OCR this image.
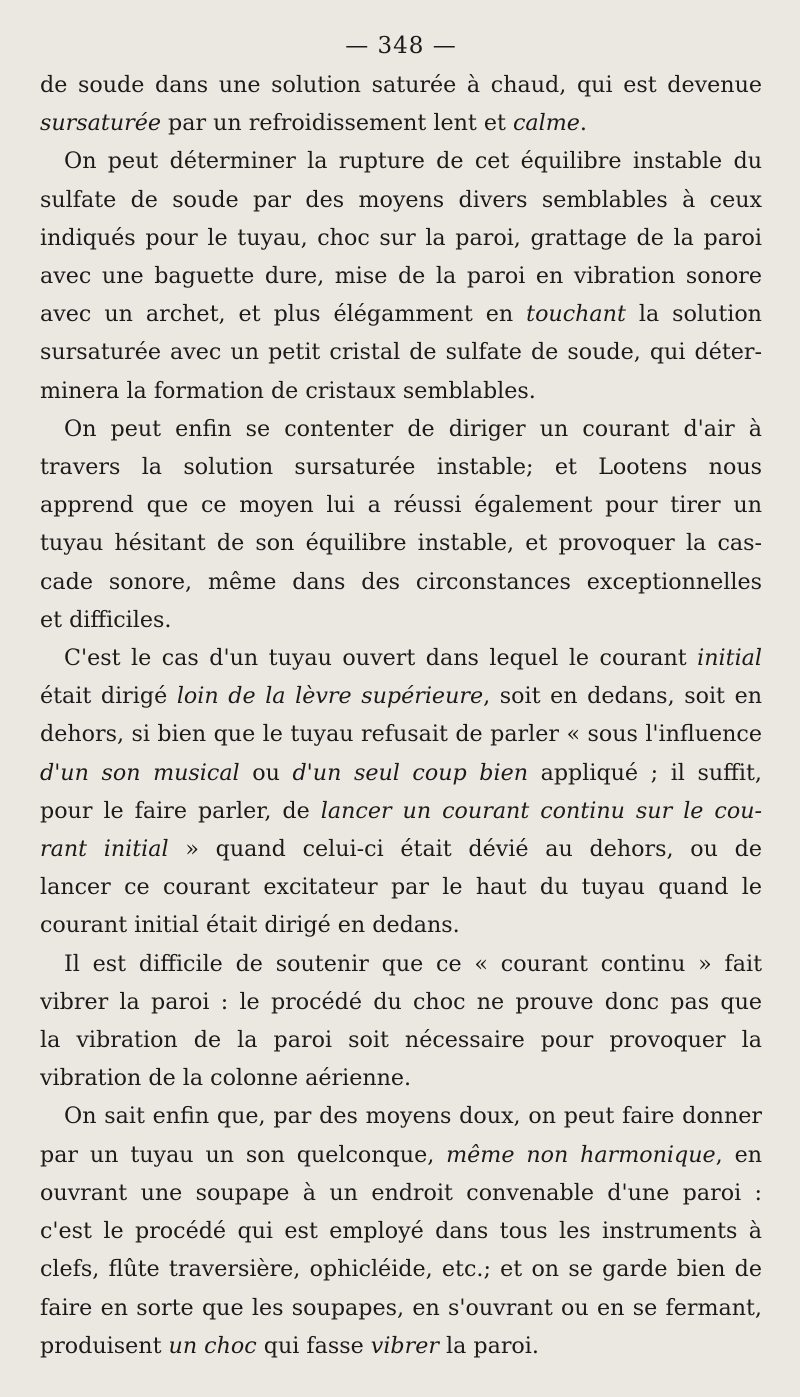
— 348 —

de soude dans une solution saturée à chaud, qui est devenue
sursaturée par un refroidissement lent et calme.

On peut déterminer la rupture de cet équilibre instable du
sulfate de soude par des moyens divers semblables à ceux
indiqués pour le tuyau, choc sur la paroi, grattage de la paroi
avec une baguette dure, mise de la paroi en vibration sonore
avec un archet, et plus élégamment en touchant la solution
sursaturée avec un petit cristal de sulfate de soude, qui déter-
minera la formation de cristaux semblables.

On peut enfin se contenter de diriger un courant d'air à
travers la solution sursaturée instable; et Lootens nous
apprend que ce moyen lui a réussi également pour tirer un
tuyau hésitant de son équilibre instable, et provoquer la cas-
cade sonore, même dans des circonstances exceptionnelles
et difficiles.

C'est le cas d'un tuyau ouvert dans lequel le courant initial
était dirigé loin de la lèvre supérieure, soit en dedans, soit en
dehors, si bien que le tuyau refusait de parler « sous l'influence
d'un son musical ou d'un seul coup bien appliqué ; il suffit,
pour le faire parler, de lancer un courant continu sur le cou-
rant initial » quand celui-ci était dévié au dehors, ou de
lancer ce courant excitateur par le haut du tuyau quand le
courant initial était dirigé en dedans.

Il est difficile de soutenir que ce « courant continu » fait
vibrer la paroi : le procédé du choc ne prouve donc pas que
la vibration de la paroi soit nécessaire pour provoquer la
vibration de la colonne aérienne.

On sait enfin que, par des moyens doux, on peut faire donner
par un tuyau un son quelconque, même non harmonique, en
ouvrant une soupape à un endroit convenable d'une paroi :
c'est le procédé qui est employé dans tous les instruments à
clefs, flûte traversière, ophicléide, etc.; et on se garde bien de
faire en sorte que les soupapes, en s'ouvrant ou en se fermant,
produisent un choc qui fasse vibrer la paroi.
